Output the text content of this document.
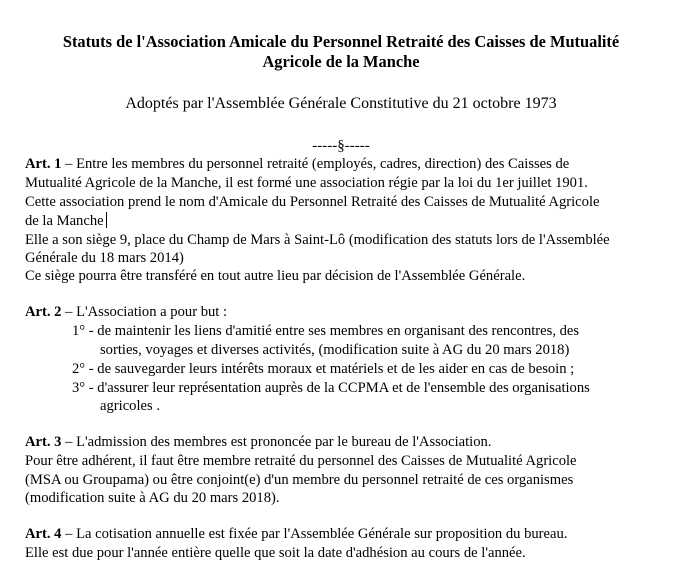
Statuts de l'Association Amicale du Personnel Retraité des Caisses de Mutualité
Agricole de la Manche
Adoptés par l'Assemblée Générale Constitutive du 21 octobre 1973
-----§-----
Art. 1 – Entre les membres du personnel retraité (employés, cadres, direction) des Caisses de
Mutualité Agricole de la Manche, il est formé une association régie par la loi du 1er juillet 1901.
Cette association prend le nom d'Amicale du Personnel Retraité des Caisses de Mutualité Agricole
de la Manche
Elle a son siège 9, place du Champ de Mars à Saint-Lô (modification des statuts lors de l'Assemblée
Générale du 18 mars 2014)
Ce siège pourra être transféré en tout autre lieu par décision de l'Assemblée Générale.
Art. 2 – L'Association a pour but :
1° - de maintenir les liens d'amitié entre ses membres en organisant des rencontres, des
sorties, voyages et diverses activités, (modification suite à AG du 20 mars 2018)
2° - de sauvegarder leurs intérêts moraux et matériels et de les aider en cas de besoin ;
3° - d'assurer leur représentation auprès de la CCPMA et de l'ensemble des organisations
agricoles .
Art. 3 – L'admission des membres est prononcée par le bureau de l'Association.
Pour être adhérent, il faut être membre retraité du personnel des Caisses de Mutualité Agricole
(MSA ou Groupama) ou être conjoint(e) d'un membre du personnel retraité de ces organismes
(modification suite à AG du 20 mars 2018).
Art. 4 – La cotisation annuelle est fixée par l'Assemblée Générale sur proposition du bureau.
Elle est due pour l'année entière quelle que soit la date d'adhésion au cours de l'année.
